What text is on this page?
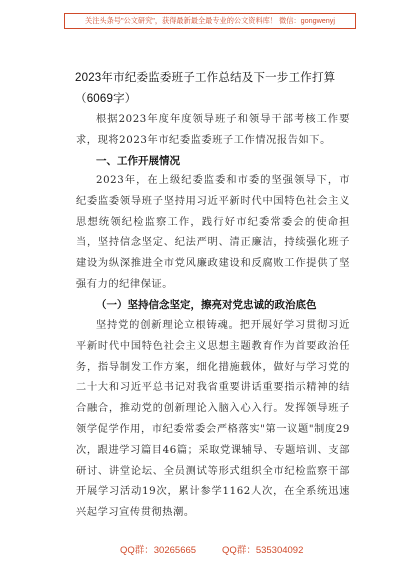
关注头条号"公文研究"，获得最新最全最专业的公文资料库！ 微信：gongwenyj
2023年市纪委监委班子工作总结及下一步工作打算（6069字）
根据2023年度年度领导班子和领导干部考核工作要求，现将2023年市纪委监委班子工作情况报告如下。
一、工作开展情况
2023年，在上级纪委监委和市委的坚强领导下，市纪委监委领导班子坚持用习近平新时代中国特色社会主义思想统领纪检监察工作，践行好市纪委常委会的使命担当，坚持信念坚定、纪法严明、清正廉洁，持续强化班子建设为纵深推进全市党风廉政建设和反腐败工作提供了坚强有力的纪律保证。
（一）坚持信念坚定，擦亮对党忠诚的政治底色
坚持党的创新理论立根铸魂。把开展好学习贯彻习近平新时代中国特色社会主义思想主题教育作为首要政治任务，指导制发工作方案，细化措施载体，做好与学习党的二十大和习近平总书记对我省重要讲话重要指示精神的结合融合，推动党的创新理论入脑入心入行。发挥领导班子领学促学作用，市纪委常委会严格落实"第一议题"制度29次，跟进学习篇目46篇；采取党课辅导、专题培训、支部研讨、讲堂论坛、全员测试等形式组织全市纪检监察干部开展学习活动19次，累计参学1162人次，在全系统迅速兴起学习宣传贯彻热潮。
QQ群：30265665	QQ群：535304092
